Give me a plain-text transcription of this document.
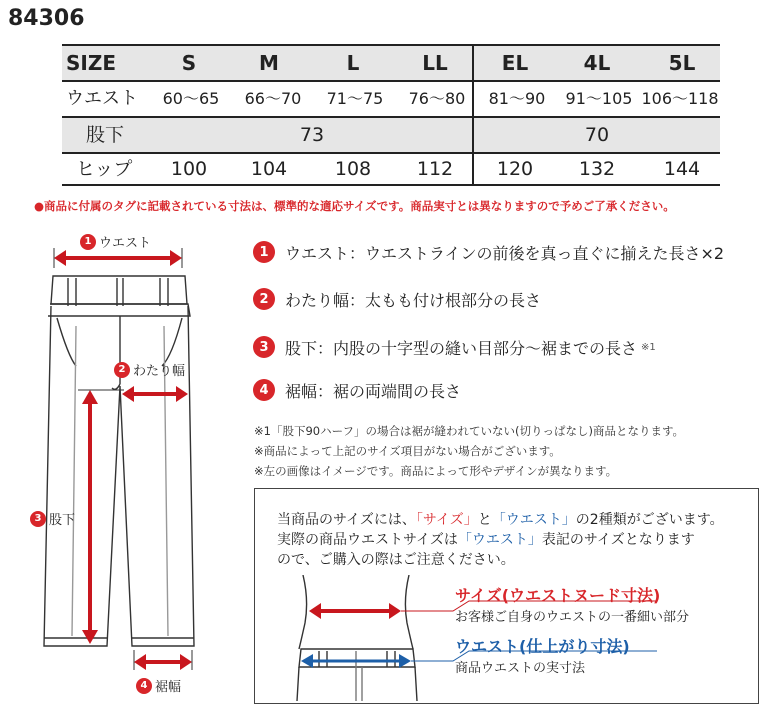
84306
SIZE	S	M	L	LL	EL	4L	5L
ウエスト	60～65	66～70	71～75	76～80	81～90	91～105 106～118
股下	73	70
ヒップ	100	104	108	112	120	132	144
●商品に付属のタグに記載されている寸法は、標準的な適応サイズです。商品実寸とは異なりますので予めご了承ください。
1 ウエスト
2 わたり幅
3 股下
4 裾幅
1	ウエスト：ウエストラインの前後を真っ直ぐに揃えた長さ×2
2	わたり幅：太もも付け根部分の長さ
3	股下：内股の十字型の縫い目部分～裾までの長さ ※1
4	裾幅：裾の両端間の長さ
※1「股下90ハーフ」の場合は裾が縫われていない(切りっぱなし)商品となります。
※商品によって上記のサイズ項目がない場合がございます。
※左の画像はイメージです。商品によって形やデザインが異なります。
当商品のサイズには、「サイズ」と「ウエスト」の2種類がございます。
実際の商品ウエストサイズは「ウエスト」表記のサイズとなります
ので、ご購入の際はご注意ください。
サイズ(ウエストヌード寸法)
お客様ご自身のウエストの一番細い部分
ウエスト(仕上がり寸法)
商品ウエストの実寸法
